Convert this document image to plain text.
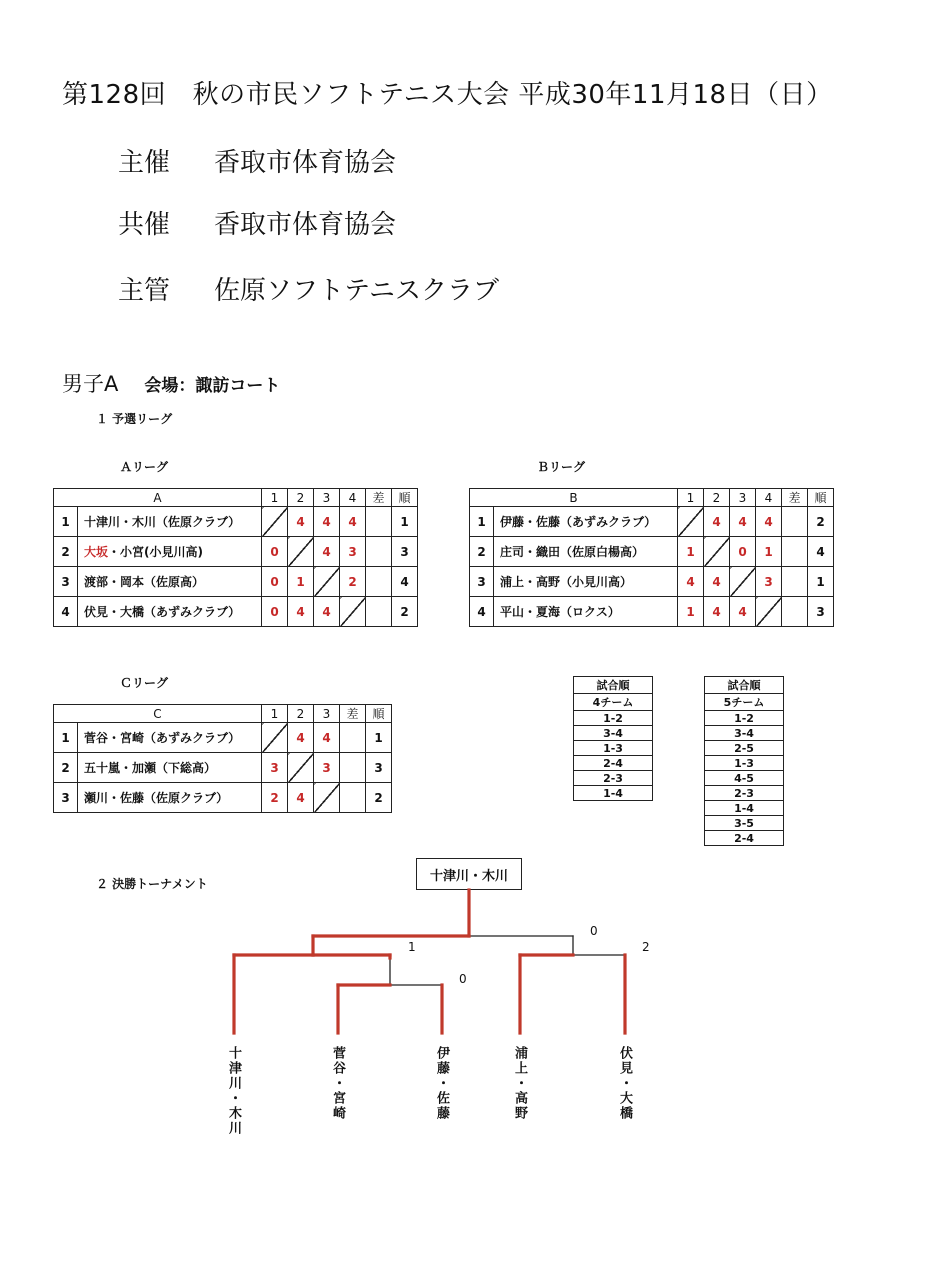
第128回　秋の市民ソフトテニス大会 平成30年11月18日（日）
主催 香取市体育協会
共催 香取市体育協会
主管 佐原ソフトテニスクラブ
男子A 会場：諏訪コート
１ 予選リーグ
Ａリーグ	Ｂリーグ
Ｃリーグ
A		1	2	3	4	差	順
1	十津川・木川（佐原クラブ）		4	4	4		1
2	大坂・小宮(小見川高)	0		4	3		3
3	渡部・岡本（佐原高）	0	1		2		4
4	伏見・大橋（あずみクラブ）	0	4	4			2
B		1	2	3	4	差	順
1	伊藤・佐藤（あずみクラブ）		4	4	4		2
2	庄司・織田（佐原白楊高）	1		0	1		4
3	浦上・高野（小見川高）	4	4		3		1
4	平山・夏海（ロクス）	1	4	4			3
C		1	2	3	差	順
1	菅谷・宮崎（あずみクラブ）		4	4		1
2	五十嵐・加瀬（下総高）	3		3		3
3	瀬川・佐藤（佐原クラブ）	2	4			2
試合順
4チーム
1-2
3-4
1-3
2-4
2-3
1-4
試合順
5チーム
1-2
3-4
2-5
1-3
4-5
2-3
1-4
3-5
2-4
２ 決勝トーナメント
十津川・木川
1
0
0
2
十津川・木川	菅谷・宮崎	伊藤・佐藤	浦上・高野	伏見・大橋
